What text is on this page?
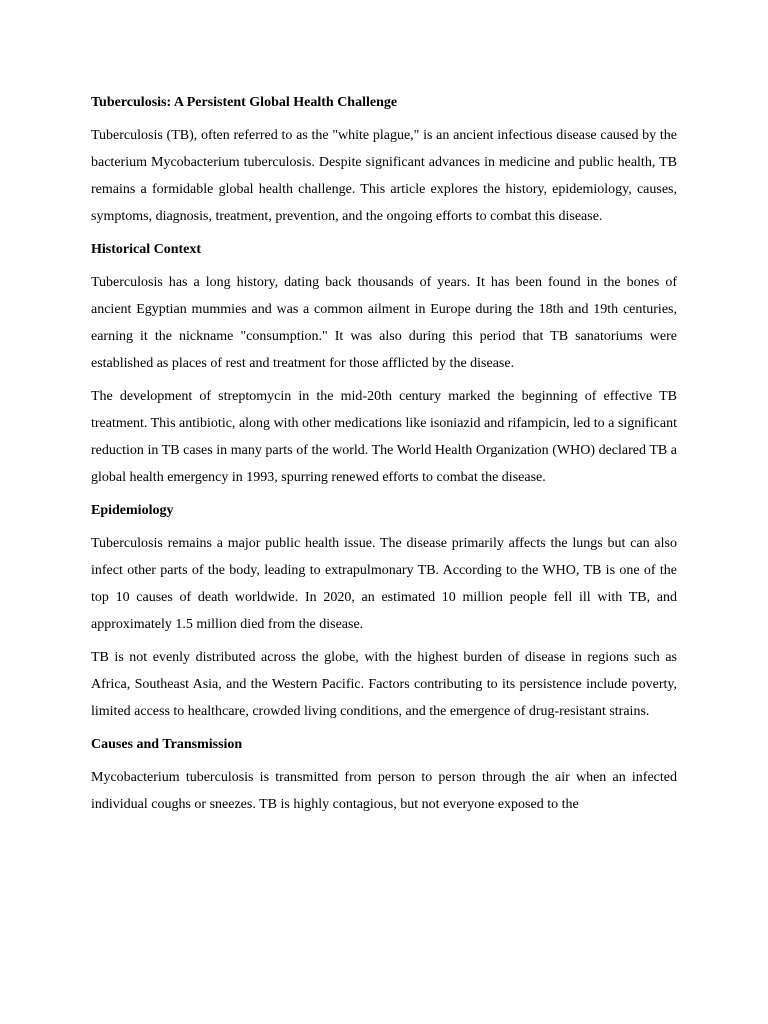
Tuberculosis: A Persistent Global Health Challenge
Tuberculosis (TB), often referred to as the "white plague," is an ancient infectious disease caused by the bacterium Mycobacterium tuberculosis. Despite significant advances in medicine and public health, TB remains a formidable global health challenge. This article explores the history, epidemiology, causes, symptoms, diagnosis, treatment, prevention, and the ongoing efforts to combat this disease.
Historical Context
Tuberculosis has a long history, dating back thousands of years. It has been found in the bones of ancient Egyptian mummies and was a common ailment in Europe during the 18th and 19th centuries, earning it the nickname "consumption." It was also during this period that TB sanatoriums were established as places of rest and treatment for those afflicted by the disease.
The development of streptomycin in the mid-20th century marked the beginning of effective TB treatment. This antibiotic, along with other medications like isoniazid and rifampicin, led to a significant reduction in TB cases in many parts of the world. The World Health Organization (WHO) declared TB a global health emergency in 1993, spurring renewed efforts to combat the disease.
Epidemiology
Tuberculosis remains a major public health issue. The disease primarily affects the lungs but can also infect other parts of the body, leading to extrapulmonary TB. According to the WHO, TB is one of the top 10 causes of death worldwide. In 2020, an estimated 10 million people fell ill with TB, and approximately 1.5 million died from the disease.
TB is not evenly distributed across the globe, with the highest burden of disease in regions such as Africa, Southeast Asia, and the Western Pacific. Factors contributing to its persistence include poverty, limited access to healthcare, crowded living conditions, and the emergence of drug-resistant strains.
Causes and Transmission
Mycobacterium tuberculosis is transmitted from person to person through the air when an infected individual coughs or sneezes. TB is highly contagious, but not everyone exposed to the
